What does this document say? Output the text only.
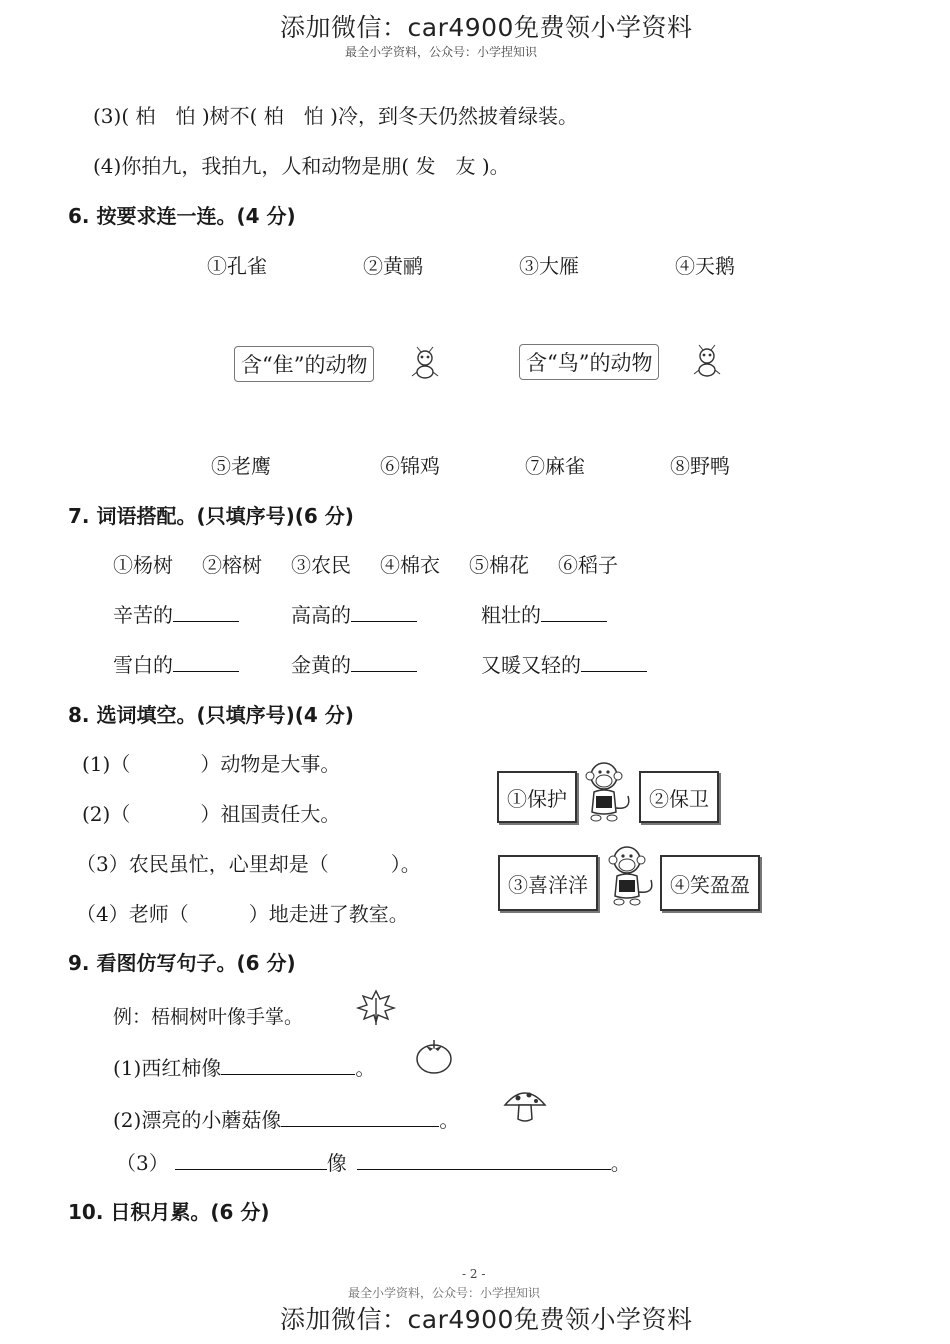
添加微信：car4900免费领小学资料
最全小学资料，公众号：小学捏知识
(3)( 柏　怕 )树不( 柏　怕 )冷，到冬天仍然披着绿装。
(4)你拍九，我拍九，人和动物是朋( 发　友 )。
6. 按要求连一连。(4 分)
①孔雀	②黄鹂	③大雁	④天鹅
含“隹”的动物	含“鸟”的动物
⑤老鹰	⑥锦鸡	⑦麻雀	⑧野鸭
7. 词语搭配。(只填序号)(6 分)
①杨树 ②榕树 ③农民 ④棉衣 ⑤棉花 ⑥稻子
辛苦的	高高的	粗壮的
雪白的	金黄的	又暖又轻的
8. 选词填空。(只填序号)(4 分)
(1)（	）动物是大事。
(2)（	）祖国责任大。
（3）农民虽忙，心里却是（	）。
（4）老师（	）地走进了教室。
①保护	②保卫
③喜洋洋	④笑盈盈
9. 看图仿写句子。(6 分)
例：梧桐树叶像手掌。
(1)西红柿像	。
(2)漂亮的小蘑菇像	。
（3）	像	。
10. 日积月累。(6 分)
- 2 -
最全小学资料，公众号：小学捏知识
添加微信：car4900免费领小学资料
